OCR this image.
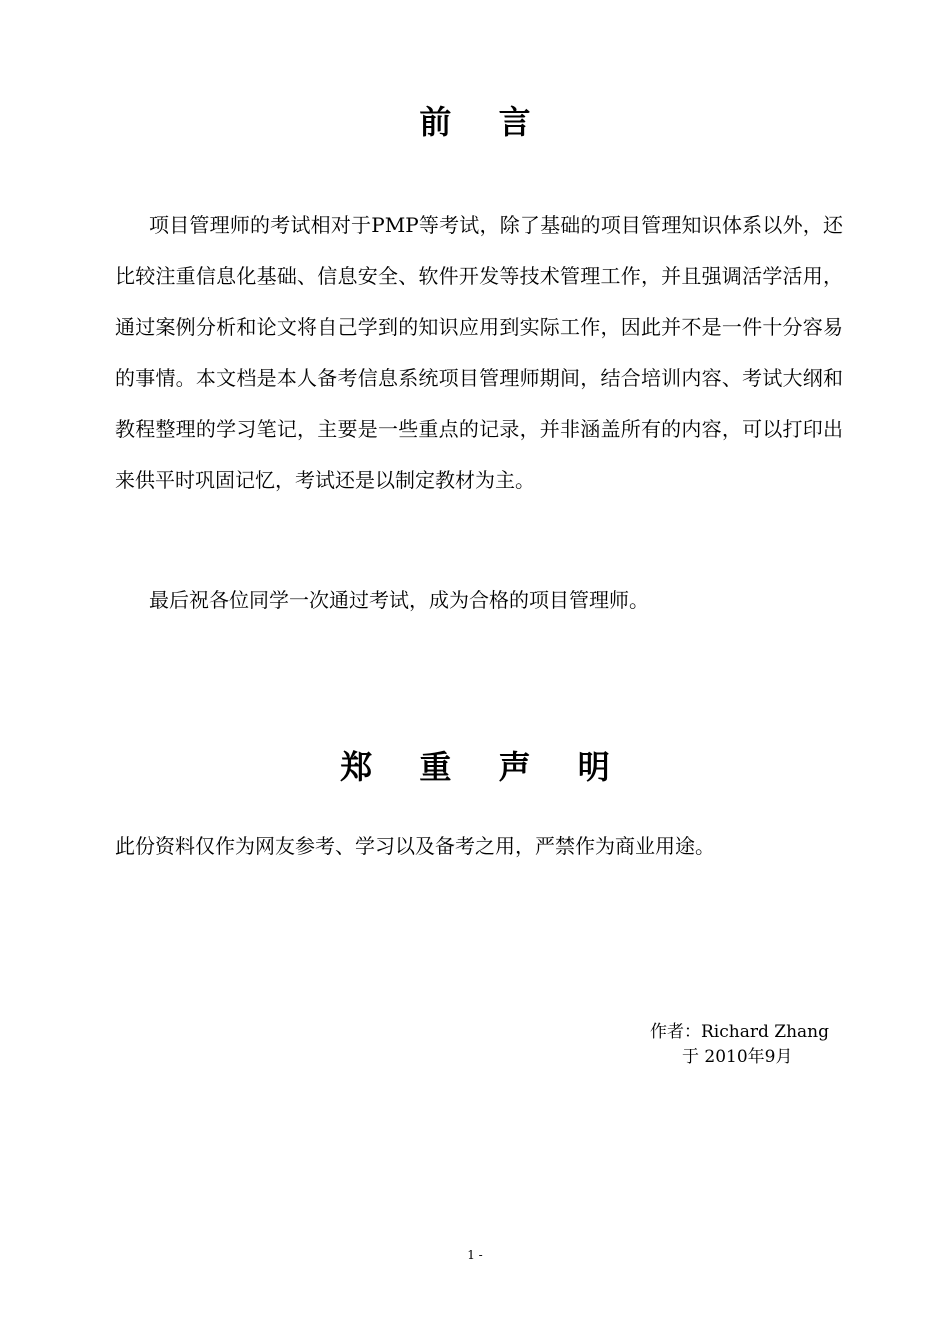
前 言

项目管理师的考试相对于PMP等考试，除了基础的项目管理知识体系以外，还比较注重信息化基础、信息安全、软件开发等技术管理工作，并且强调活学活用，通过案例分析和论文将自己学到的知识应用到实际工作，因此并不是一件十分容易的事情。本文档是本人备考信息系统项目管理师期间，结合培训内容、考试大纲和教程整理的学习笔记，主要是一些重点的记录，并非涵盖所有的内容，可以打印出来供平时巩固记忆，考试还是以制定教材为主。

最后祝各位同学一次通过考试，成为合格的项目管理师。

郑 重 声 明
此份资料仅作为网友参考、学习以及备考之用，严禁作为商业用途。
作者：Richard Zhang
于 2010年9月
1 -
